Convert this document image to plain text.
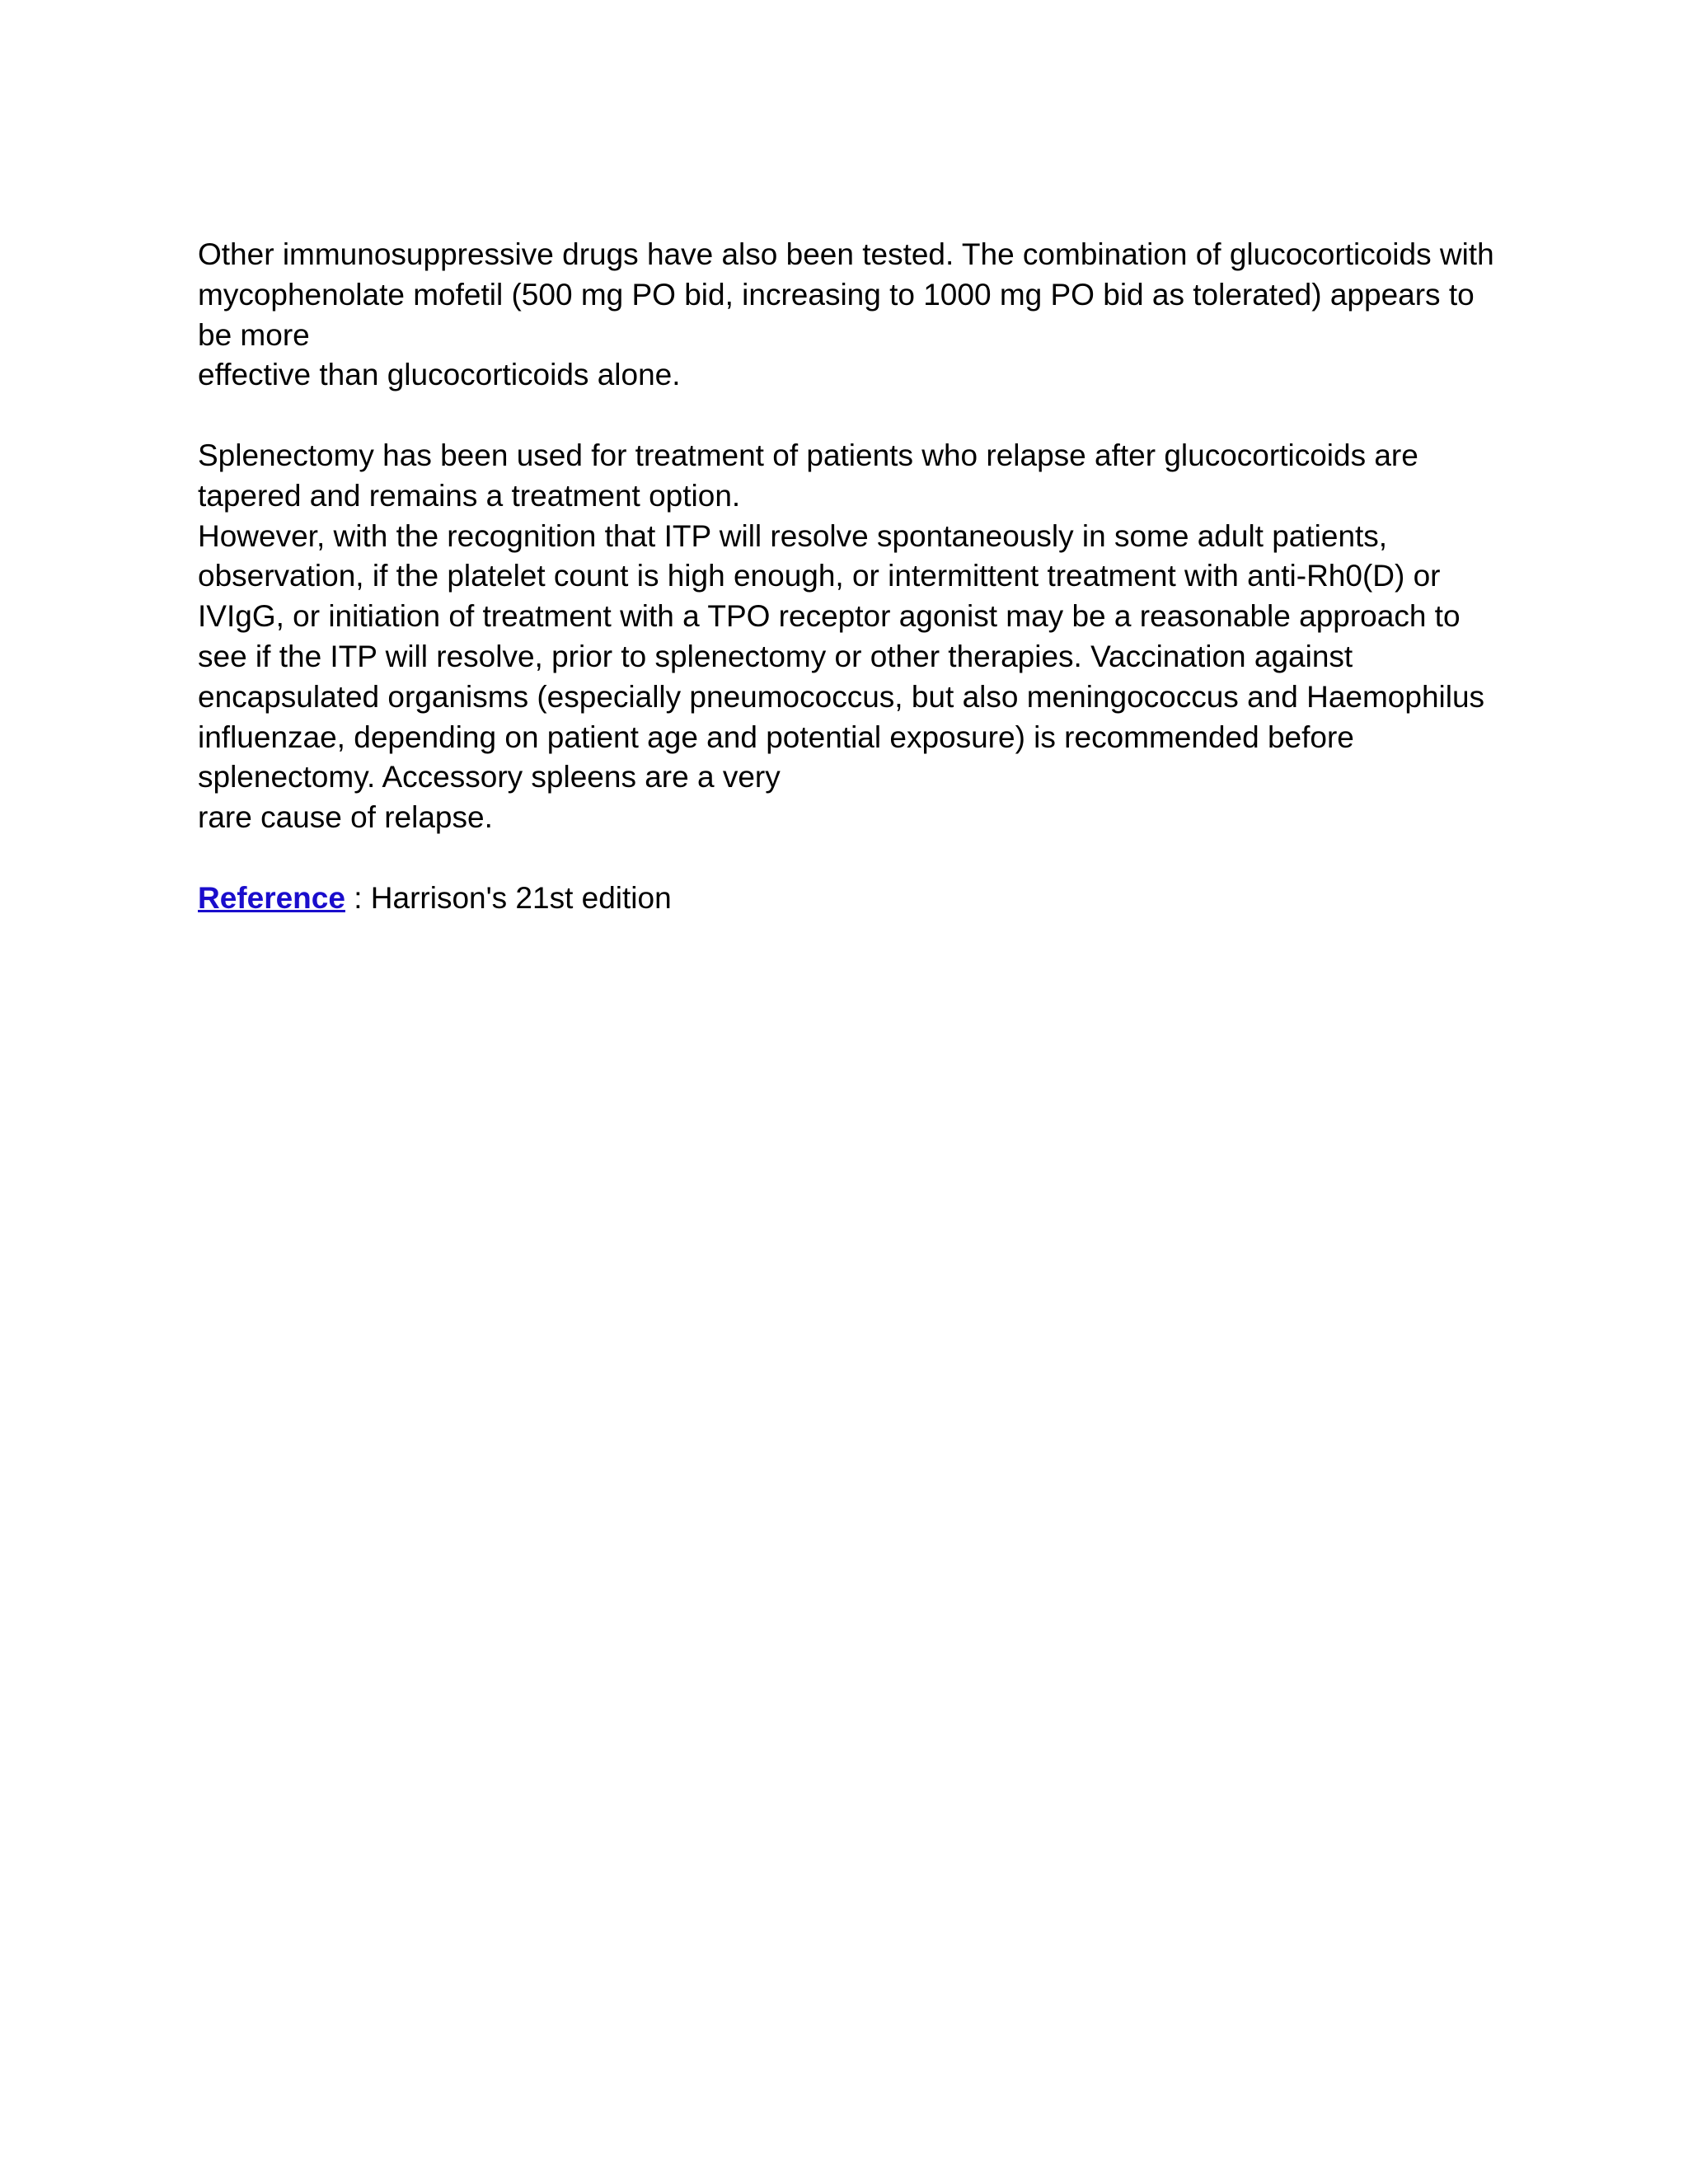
Other immunosuppressive drugs have also been tested. The combination of glucocorticoids with
mycophenolate mofetil (500 mg PO bid, increasing to 1000 mg PO bid as tolerated) appears to
be more
effective than glucocorticoids alone.
Splenectomy has been used for treatment of patients who relapse after glucocorticoids are
tapered and remains a treatment option.
However, with the recognition that ITP will resolve spontaneously in some adult patients,
observation, if the platelet count is high enough, or intermittent treatment with anti-Rh0(D) or
IVIgG, or initiation of treatment with a TPO receptor agonist may be a reasonable approach to
see if the ITP will resolve, prior to splenectomy or other therapies. Vaccination against
encapsulated organisms (especially pneumococcus, but also meningococcus and Haemophilus
influenzae, depending on patient age and potential exposure) is recommended before
splenectomy. Accessory spleens are a very
rare cause of relapse.
Reference : Harrison's 21st edition
